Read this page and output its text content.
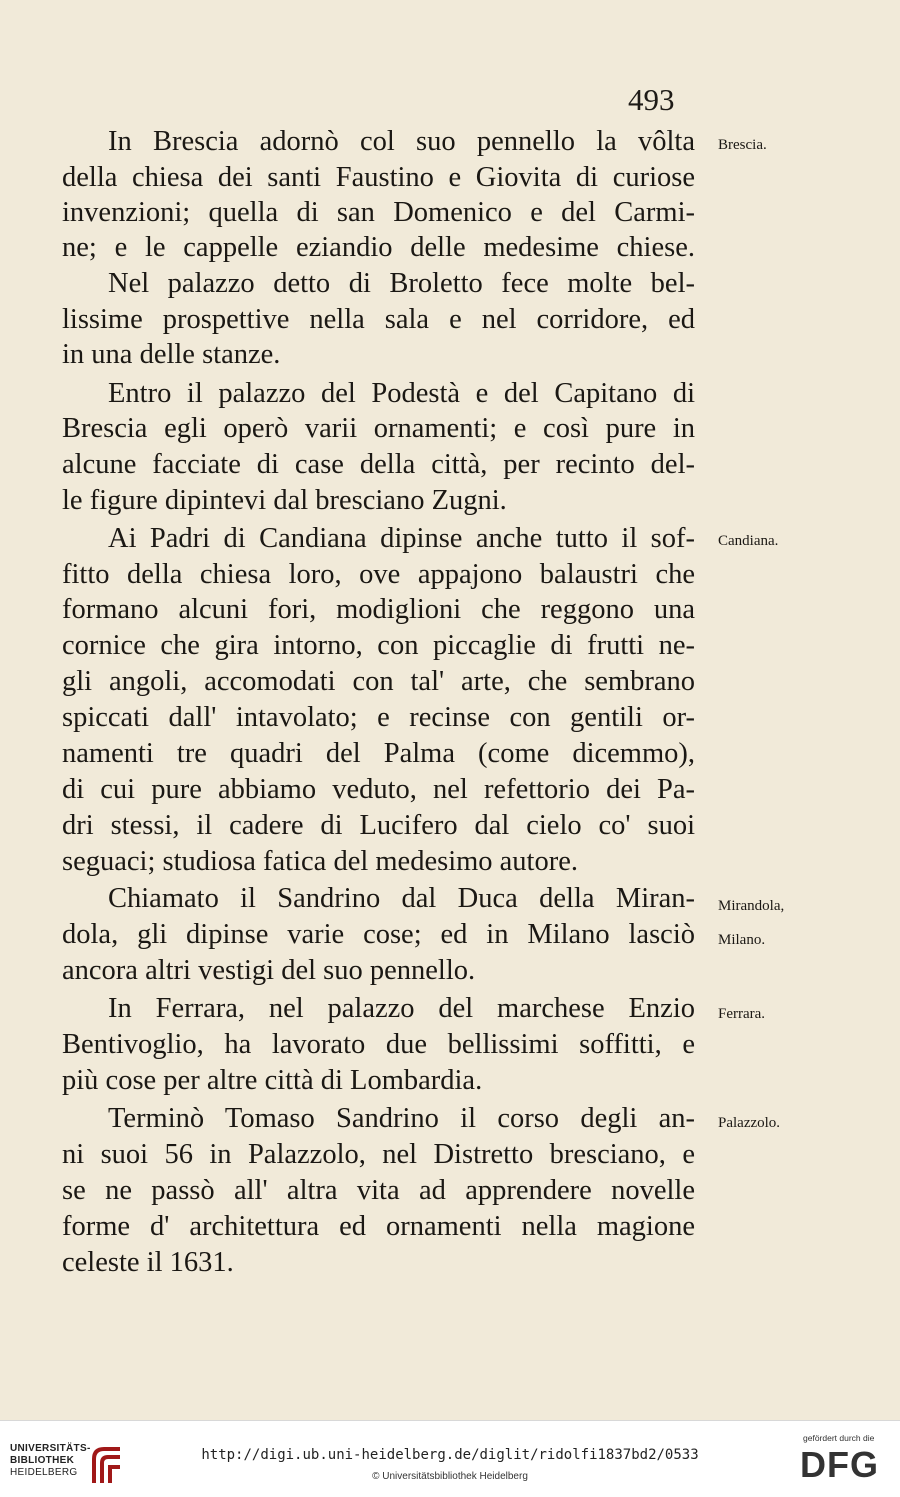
493
In Brescia adornò col suo pennello la vôlta
della chiesa dei santi Faustino e Giovita di curiose
invenzioni; quella di san Domenico e del Carmi-
ne; e le cappelle eziandio delle medesime chiese.
Nel palazzo detto di Broletto fece molte bel-
lissime prospettive nella sala e nel corridore, ed
in una delle stanze.
Entro il palazzo del Podestà e del Capitano di
Brescia egli operò varii ornamenti; e così pure in
alcune facciate di case della città, per recinto del-
le figure dipintevi dal bresciano Zugni.
Ai Padri di Candiana dipinse anche tutto il sof-
fitto della chiesa loro, ove appajono balaustri che
formano alcuni fori, modiglioni che reggono una
cornice che gira intorno, con piccaglie di frutti ne-
gli angoli, accomodati con tal' arte, che sembrano
spiccati dall' intavolato; e recinse con gentili or-
namenti tre quadri del Palma (come dicemmo),
di cui pure abbiamo veduto, nel refettorio dei Pa-
dri stessi, il cadere di Lucifero dal cielo co' suoi
seguaci; studiosa fatica del medesimo autore.
Chiamato il Sandrino dal Duca della Miran-
dola, gli dipinse varie cose; ed in Milano lasciò
ancora altri vestigi del suo pennello.
In Ferrara, nel palazzo del marchese Enzio
Bentivoglio, ha lavorato due bellissimi soffitti, e
più cose per altre città di Lombardia.
Terminò Tomaso Sandrino il corso degli an-
ni suoi 56 in Palazzolo, nel Distretto bresciano, e
se ne passò all' altra vita ad apprendere novelle
forme d' architettura ed ornamenti nella magione
celeste il 1631.
Brescia.
Candiana.
Mirandola,
Milano.
Ferrara.
Palazzolo.
UNIVERSITÄTS-
BIBLIOTHEK
HEIDELBERG
http://digi.ub.uni-heidelberg.de/diglit/ridolfi1837bd2/0533
© Universitätsbibliothek Heidelberg
gefördert durch die
DFG
